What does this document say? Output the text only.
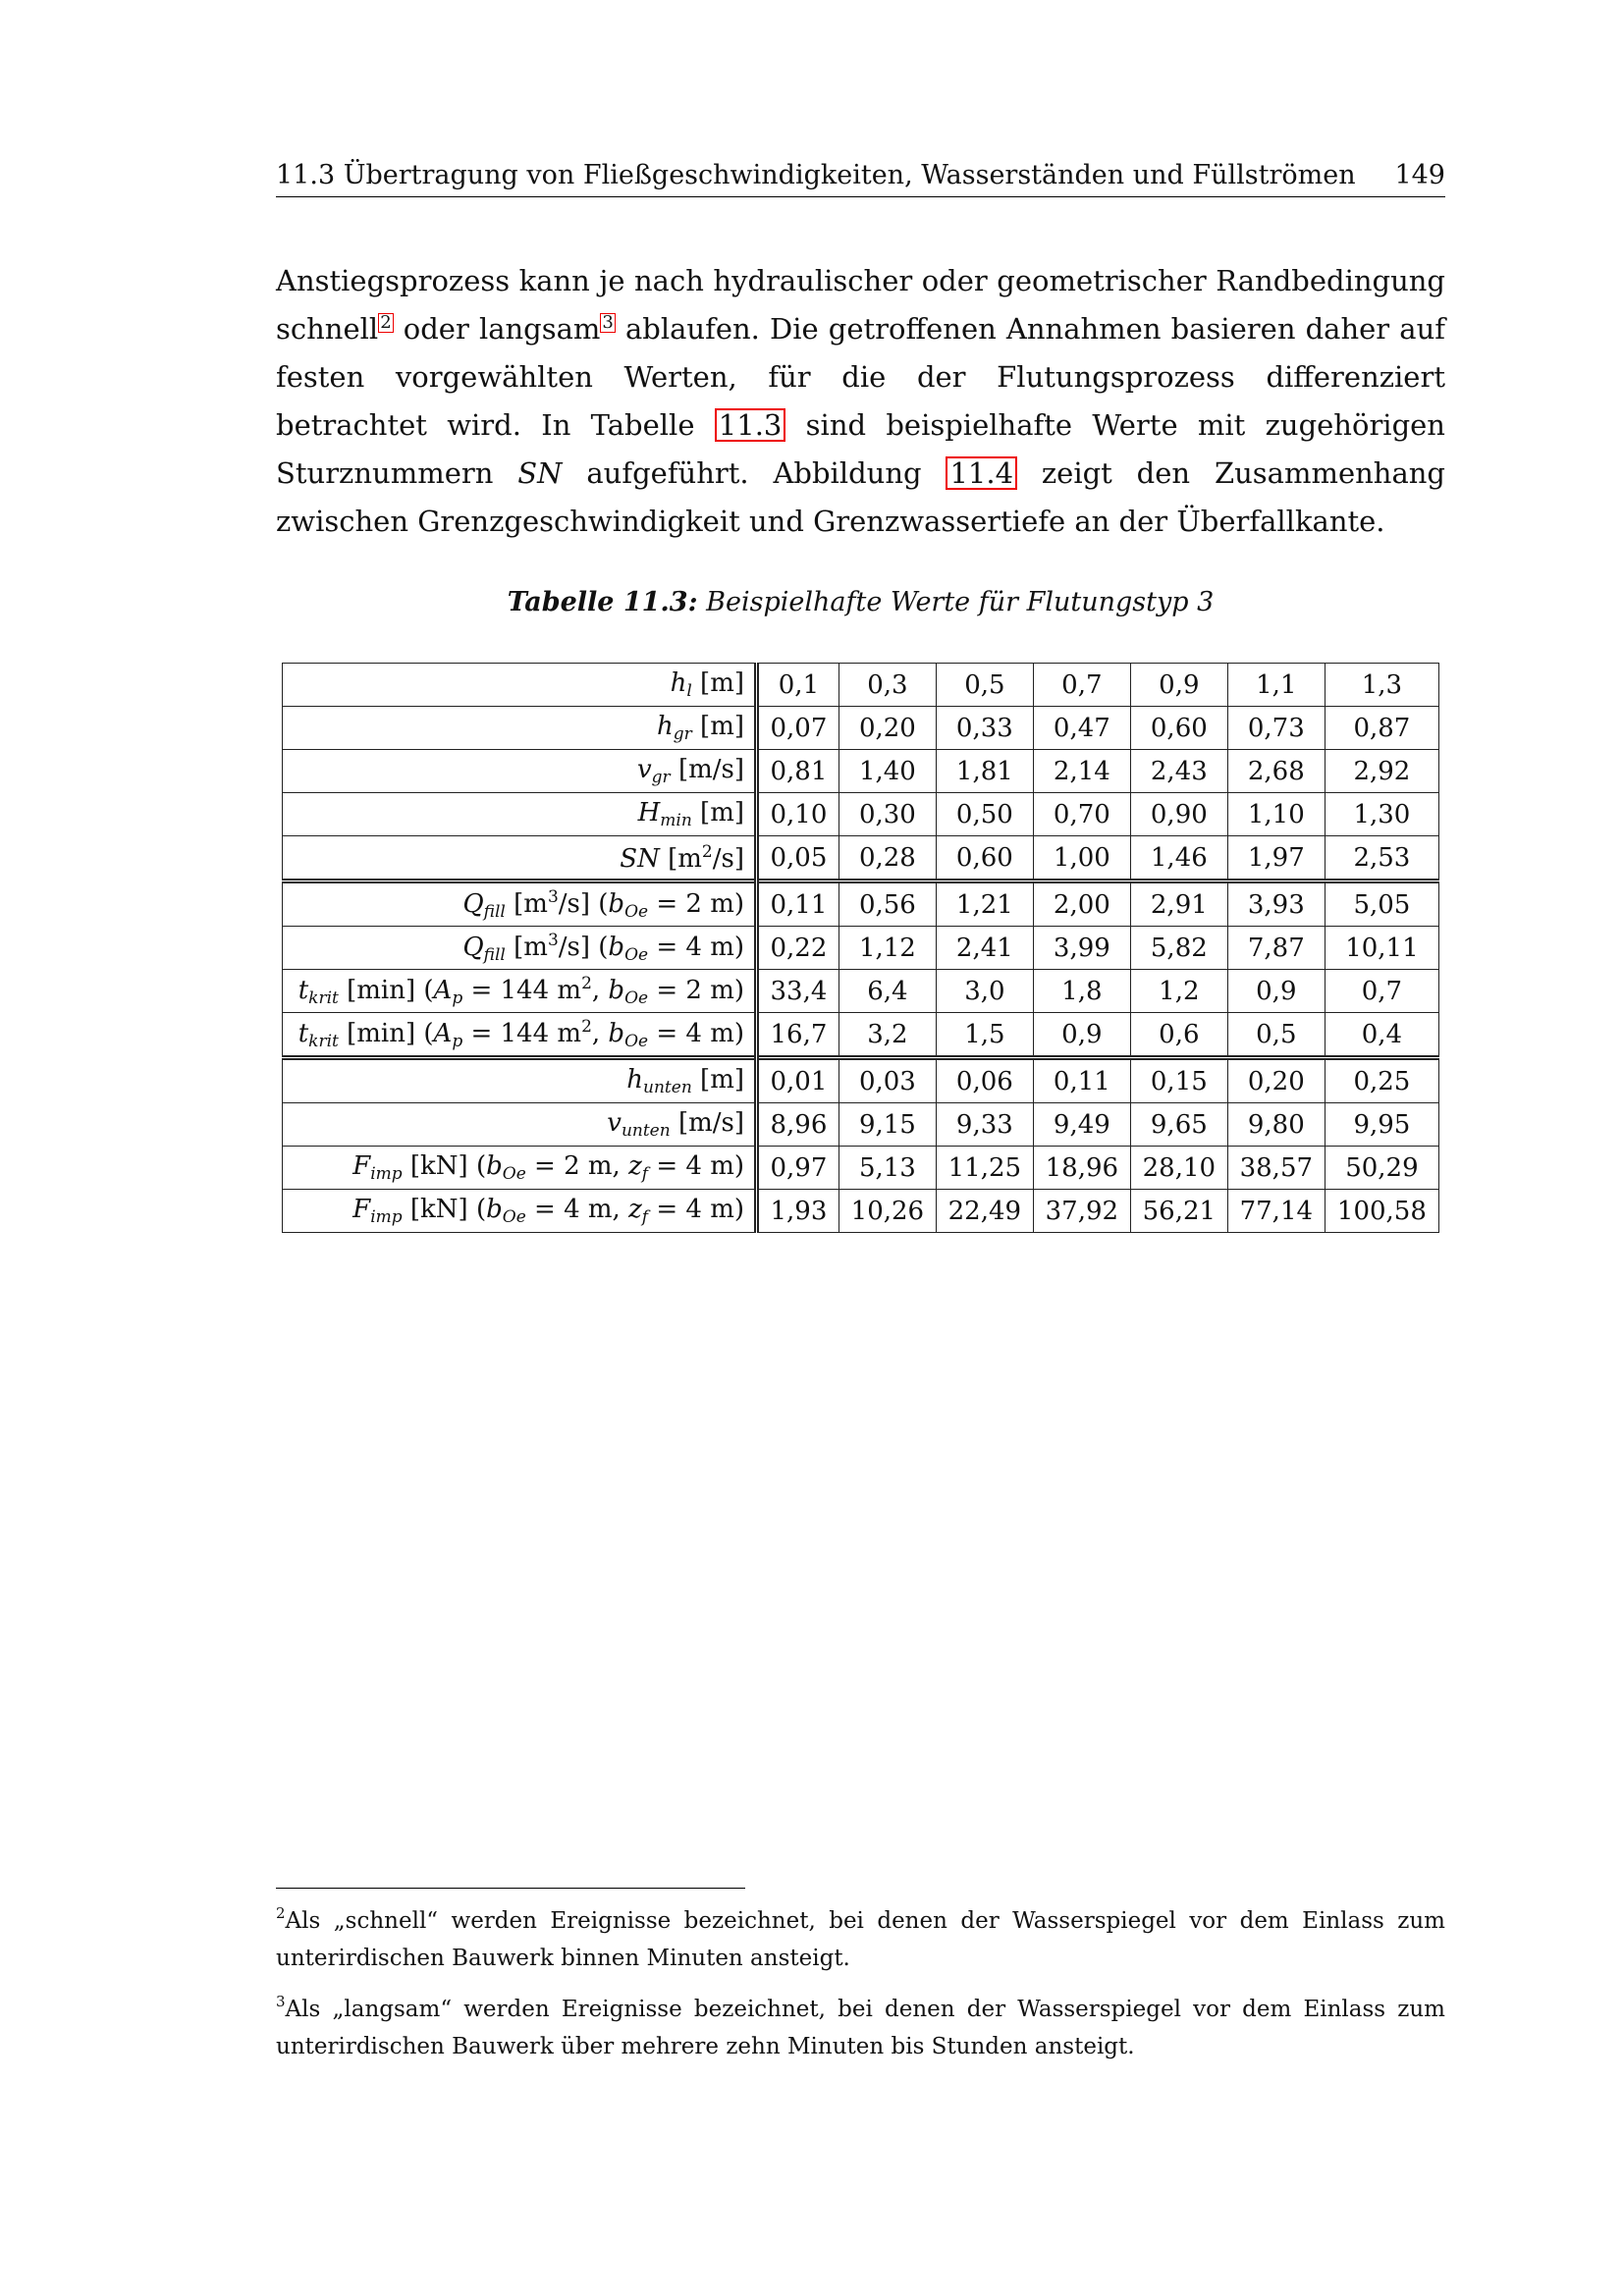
11.3 Übertragung von Fließgeschwindigkeiten, Wasserständen und Füllströmen 149
Anstiegsprozess kann je nach hydraulischer oder geometrischer Randbedingung schnell 2 oder langsam 3 ablaufen. Die getroffenen Annahmen basieren daher auf festen vorgewählten Werten, für die der Flutungsprozess differenziert betrachtet wird. In Tabelle 11.3 sind beispielhafte Werte mit zugehörigen Sturznummern SN aufgeführt. Abbildung 11.4 zeigt den Zusammenhang zwischen Grenzgeschwindigkeit und Grenzwassertiefe an der Überfallkante.
Tabelle 11.3: Beispielhafte Werte für Flutungstyp 3
$h_l$ [m]	0,1	0,3	0,5	0,7	0,9	1,1	1,3
$h_{gr}$ [m]	0,07	0,20	0,33	0,47	0,60	0,73	0,87
$v_{gr}$ [m/s]	0,81	1,40	1,81	2,14	2,43	2,68	2,92
$H_{min}$ [m]	0,10	0,30	0,50	0,70	0,90	1,10	1,30
SN $[m^2/s]$	0,05	0,28	0,60	1,00	1,46	1,97	2,53
$Q_{fill}$ $[m^3/s] (b_{Oe} = 2$ m)	0,11	0,56	1,21	2,00	2,91	3,93	5,05
$Q_{fill}$ $[m^3/s] (b_{Oe} = 4$ m)	0,22	1,12	2,41	3,99	5,82	7,87	10,11
$t_{krit}$ [min] ($A_p = 144$ $m^2$, $b_{Oe} = 2$ m)	33,4	6,4	3,0	1,8	1,2	0,9	0,7
$t_{krit}$ [min] ($A_p = 144$ $m^2$, $b_{Oe} = 4$ m)	16,7	3,2	1,5	0,9	0,6	0,5	0,4
$h_{unten}$ [m]	0,01	0,03	0,06	0,11	0,15	0,20	0,25
$v_{unten}$ [m/s]	8,96	9,15	9,33	9,49	9,65	9,80	9,95
$F_{imp}$ [kN] ($b_{Oe} = 2$ m, $z_f = 4$ m)	0,97	5,13	11,25	18,96	28,10	38,57	50,29
$F_{imp}$ [kN] ($b_{Oe} = 4$ m, $z_f = 4$ m)	1,93	10,26	22,49	37,92	56,21	77,14	100,58

$^2$Als „schnell“ werden Ereignisse bezeichnet, bei denen der Wasserspiegel vor dem Einlass zum unterirdischen Bauwerk binnen Minuten ansteigt.

$^3$Als „langsam“ werden Ereignisse bezeichnet, bei denen der Wasserspiegel vor dem Einlass zum unterirdischen Bauwerk über mehrere zehn Minuten bis Stunden ansteigt.
